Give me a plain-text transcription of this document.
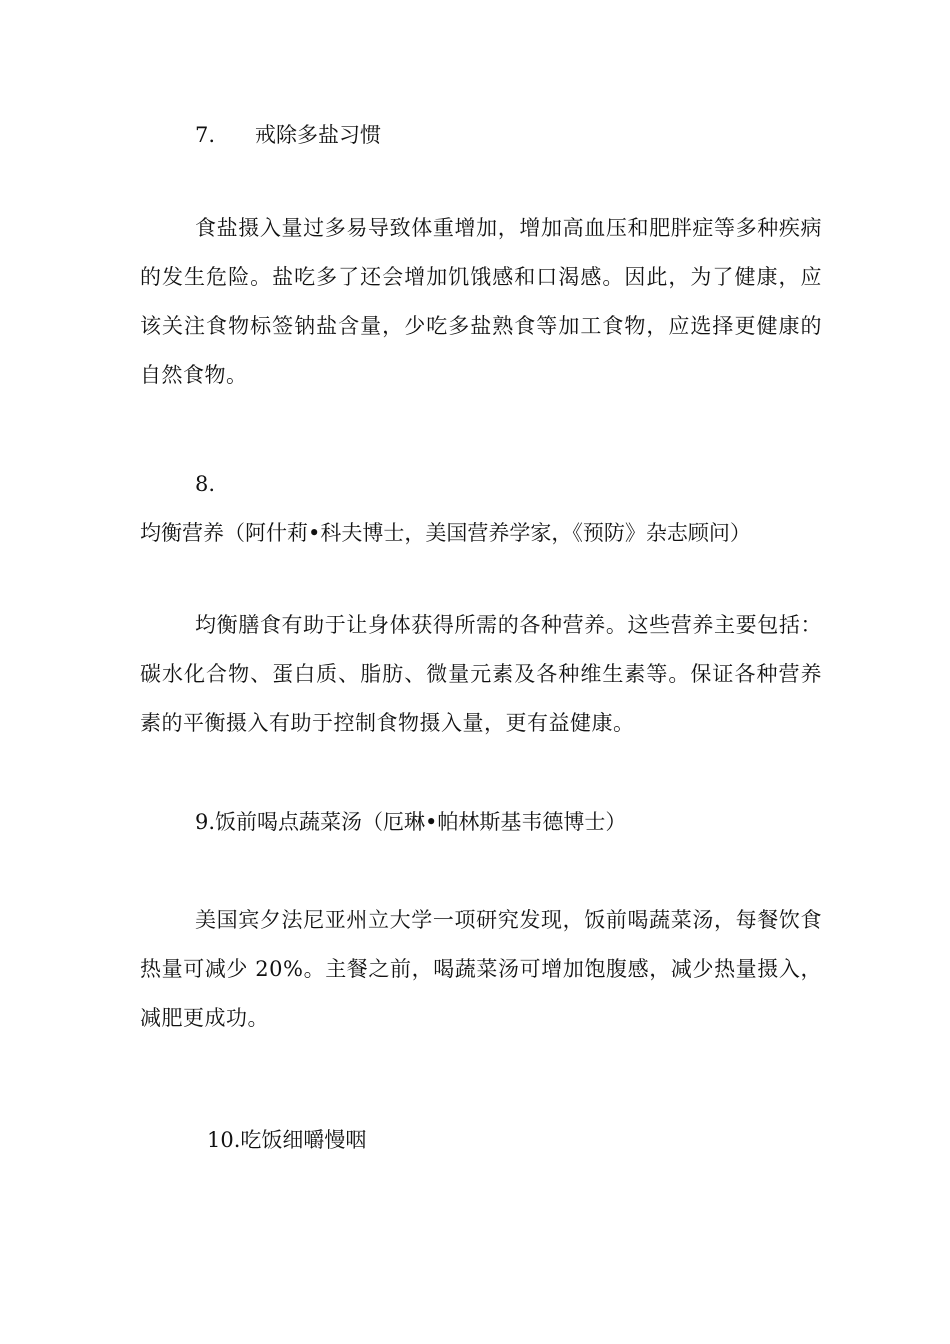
7. 戒除多盐习惯
食盐摄入量过多易导致体重增加，增加高血压和肥胖症等多种疾病的发生危险。盐吃多了还会增加饥饿感和口渴感。因此，为了健康，应该关注食物标签钠盐含量，少吃多盐熟食等加工食物，应选择更健康的自然食物。
8.均衡营养（阿什莉•科夫博士，美国营养学家，《预防》杂志顾问）
均衡膳食有助于让身体获得所需的各种营养。这些营养主要包括：碳水化合物、蛋白质、脂肪、微量元素及各种维生素等。保证各种营养素的平衡摄入有助于控制食物摄入量，更有益健康。
9.饭前喝点蔬菜汤（厄琳•帕林斯基韦德博士）
美国宾夕法尼亚州立大学一项研究发现，饭前喝蔬菜汤，每餐饮食热量可减少 20%。主餐之前，喝蔬菜汤可增加饱腹感，减少热量摄入，减肥更成功。
10.吃饭细嚼慢咽
